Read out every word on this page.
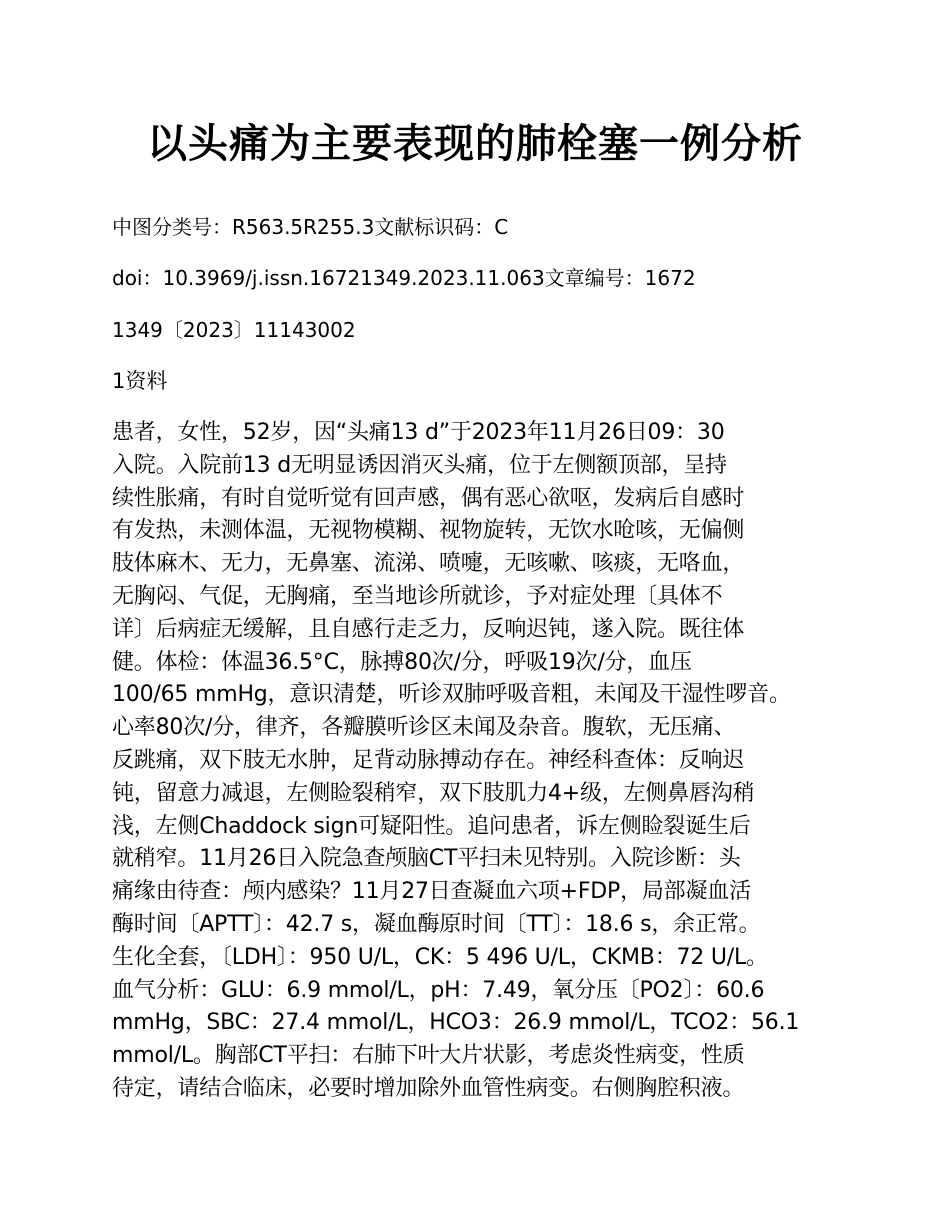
以头痛为主要表现的肺栓塞一例分析

中图分类号：R563.5R255.3文献标识码：C

doi：10.3969/j.issn.16721349.2023.11.063文章编号：1672

1349〔2023〕11143002

1资料
患者，女性，52岁，因“头痛13 d”于2023年11月26日09：30
入院。入院前13 d无明显诱因消灭头痛，位于左侧额顶部，呈持
续性胀痛，有时自觉听觉有回声感，偶有恶心欲呕，发病后自感时
有发热，未测体温，无视物模糊、视物旋转，无饮水呛咳，无偏侧
肢体麻木、无力，无鼻塞、流涕、喷嚏，无咳嗽、咳痰，无咯血，
无胸闷、气促，无胸痛，至当地诊所就诊，予对症处理〔具体不
详〕后病症无缓解，且自感行走乏力，反响迟钝，遂入院。既往体
健。体检：体温36.5°C，脉搏80次/分，呼吸19次/分，血压
100/65 mmHg，意识清楚，听诊双肺呼吸音粗，未闻及干湿性啰音。
心率80次/分，律齐，各瓣膜听诊区未闻及杂音。腹软，无压痛、
反跳痛，双下肢无水肿，足背动脉搏动存在。神经科查体：反响迟
钝，留意力减退，左侧睑裂稍窄，双下肢肌力4+级，左侧鼻唇沟稍
浅，左侧Chaddock sign可疑阳性。追问患者，诉左侧睑裂诞生后
就稍窄。11月26日入院急查颅脑CT平扫未见特别。入院诊断：头
痛缘由待查：颅内感染？11月27日查凝血六项+FDP，局部凝血活
酶时间〔APTT〕：42.7 s，凝血酶原时间〔TT〕：18.6 s，余正常。
生化全套，〔LDH〕：950 U/L，CK：5 496 U/L，CKMB：72 U/L。
血气分析：GLU：6.9 mmol/L，pH：7.49，氧分压〔PO2〕：60.6
mmHg，SBC：27.4 mmol/L，HCO3：26.9 mmol/L，TCO2：56.1
mmol/L。胸部CT平扫：右肺下叶大片状影，考虑炎性病变，性质
待定，请结合临床，必要时增加除外血管性病变。右侧胸腔积液。
